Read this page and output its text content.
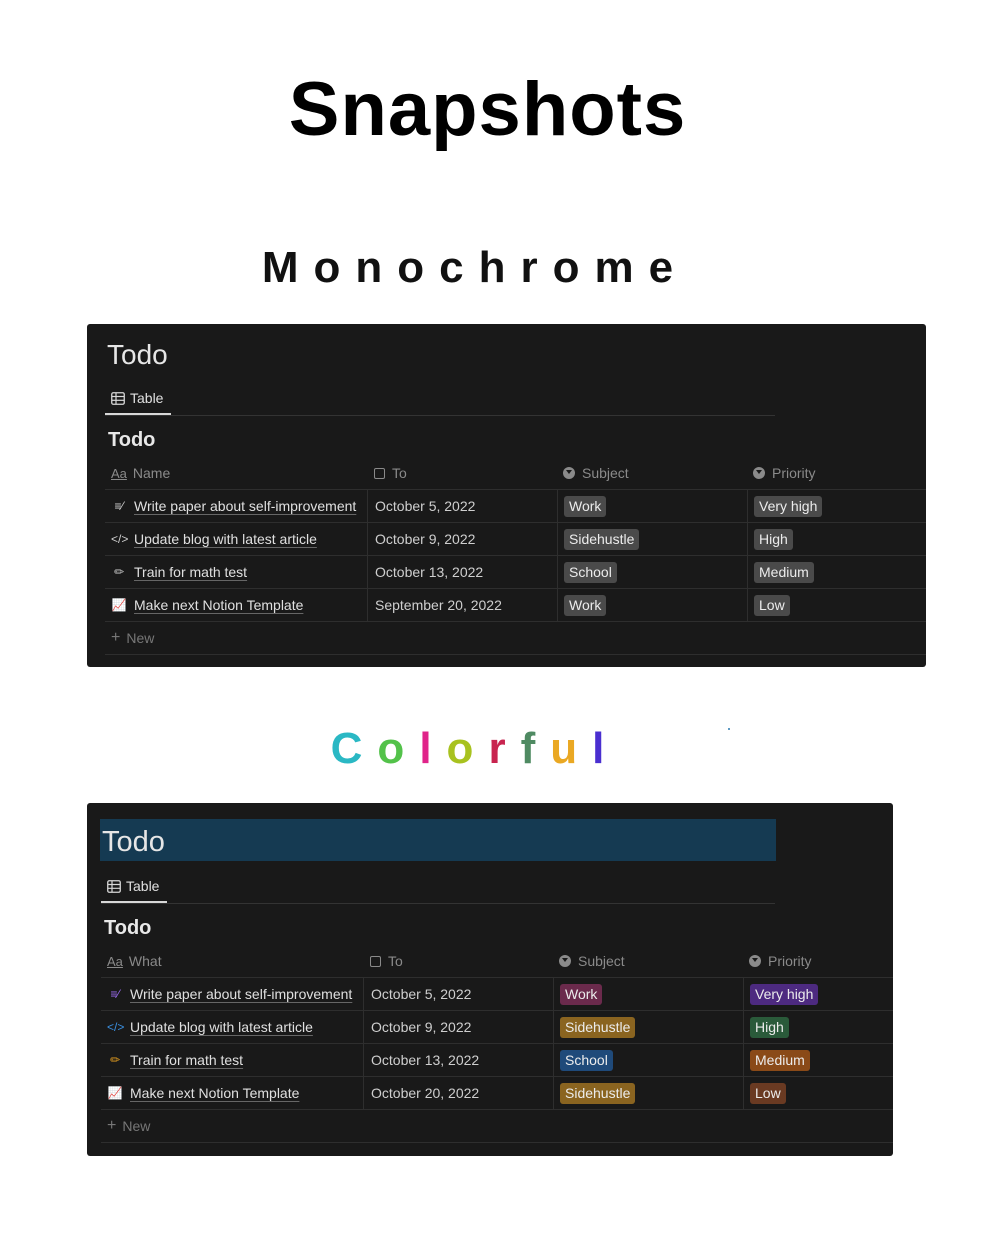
Snapshots
Monochrome
Todo
Table
Todo
Aa Name	To	Subject	Priority
≡⁄ Write paper about self-improvement October 5, 2022	Work	Very high
</> Update blog with latest article	October 9, 2022	Sidehustle	High
✏ Train for math test	October 13, 2022	School	Medium
📈 Make next Notion Template	September 20, 2022	Work	Low
+ New
Colorful
Todo
Table
Todo
Aa What	To	Subject	Priority
≡⁄ Write paper about self-improvement October 5, 2022	Work	Very high
</> Update blog with latest article	October 9, 2022	Sidehustle	High
✏ Train for math test	October 13, 2022	School	Medium
📈 Make next Notion Template	October 20, 2022	Sidehustle	Low
+ New
